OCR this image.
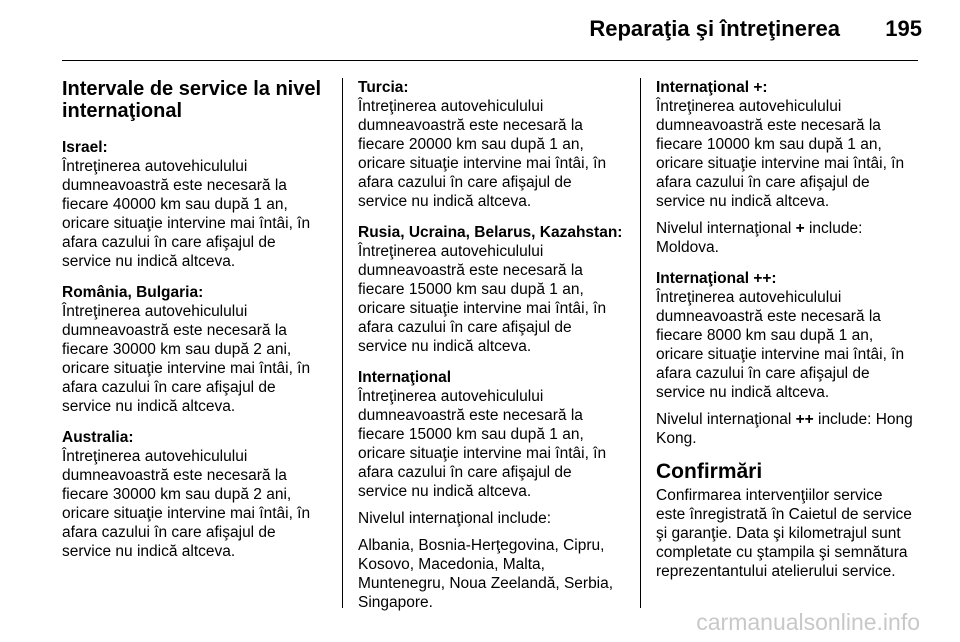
Reparaţia şi întreţinerea 195
Intervale de service la nivel
internaţional
Israel:
Întreţinerea autovehiculului
dumneavoastră este necesară la
fiecare 40000 km sau după 1 an,
oricare situaţie intervine mai întâi, în
afara cazului în care afişajul de
service nu indică altceva.
România, Bulgaria:
Întreţinerea autovehiculului
dumneavoastră este necesară la
fiecare 30000 km sau după 2 ani,
oricare situaţie intervine mai întâi, în
afara cazului în care afişajul de
service nu indică altceva.
Australia:
Întreţinerea autovehiculului
dumneavoastră este necesară la
fiecare 30000 km sau după 2 ani,
oricare situaţie intervine mai întâi, în
afara cazului în care afişajul de
service nu indică altceva.
Turcia:
Întreţinerea autovehiculului
dumneavoastră este necesară la
fiecare 20000 km sau după 1 an,
oricare situaţie intervine mai întâi, în
afara cazului în care afişajul de
service nu indică altceva.
Rusia, Ucraina, Belarus, Kazahstan:
Întreţinerea autovehiculului
dumneavoastră este necesară la
fiecare 15000 km sau după 1 an,
oricare situaţie intervine mai întâi, în
afara cazului în care afişajul de
service nu indică altceva.
Internaţional
Întreţinerea autovehiculului
dumneavoastră este necesară la
fiecare 15000 km sau după 1 an,
oricare situaţie intervine mai întâi, în
afara cazului în care afişajul de
service nu indică altceva.
Nivelul internaţional include:
Albania, Bosnia-Herţegovina, Cipru,
Kosovo, Macedonia, Malta,
Muntenegru, Noua Zeelandă, Serbia,
Singapore.
Internaţional +:
Întreţinerea autovehiculului
dumneavoastră este necesară la
fiecare 10000 km sau după 1 an,
oricare situaţie intervine mai întâi, în
afara cazului în care afişajul de
service nu indică altceva.
Nivelul internaţional + include:
Moldova.
Internaţional ++:
Întreţinerea autovehiculului
dumneavoastră este necesară la
fiecare 8000 km sau după 1 an,
oricare situaţie intervine mai întâi, în
afara cazului în care afişajul de
service nu indică altceva.
Nivelul internaţional ++ include: Hong
Kong.
Confirmări
Confirmarea intervenţiilor service
este înregistrată în Caietul de service
şi garanţie. Data şi kilometrajul sunt
completate cu ştampila şi semnătura
reprezentantului atelierului service.
carmanualsonline.info
